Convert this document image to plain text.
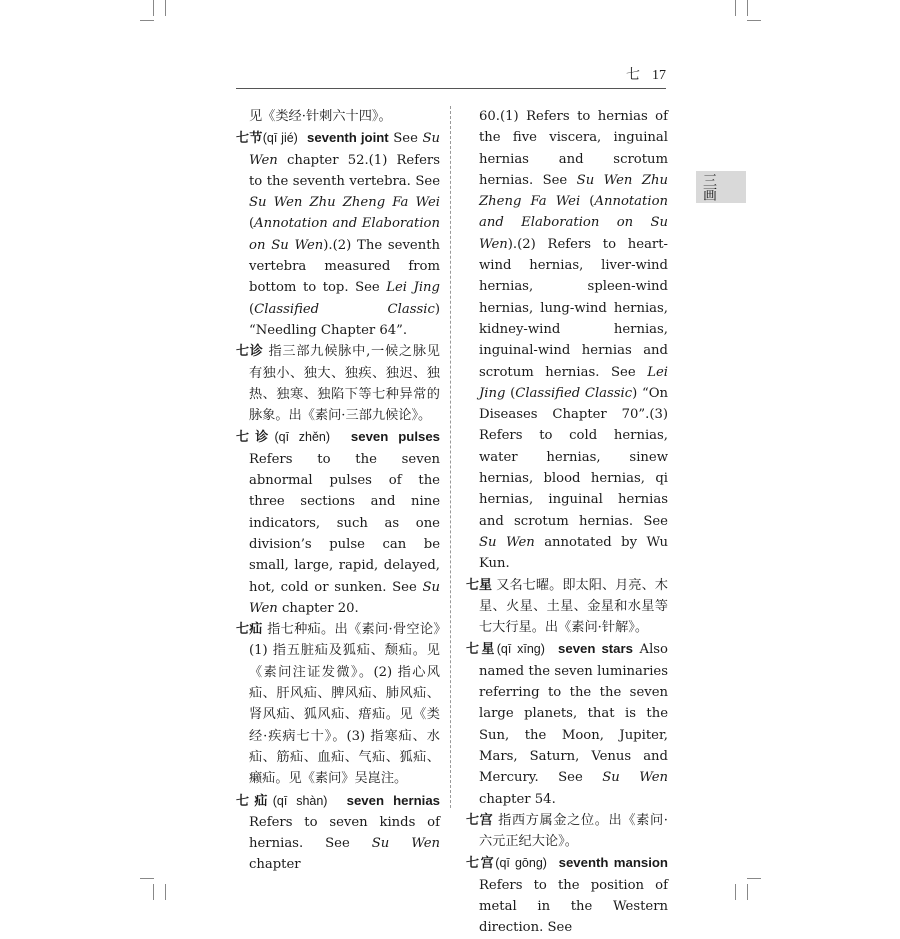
七 17
三画

见《类经·针刺六十四》。

七节(qī jié) seventh joint See Su Wen chapter 52.(1) Refers to the seventh vertebra. See Su Wen Zhu Zheng Fa Wei (Annotation and Elaboration on Su Wen).(2) The seventh vertebra measured from bottom to top. See Lei Jing (Classified Classic) “Needling Chapter 64”.

七诊 指三部九候脉中,一候之脉见有独小、独大、独疾、独迟、独热、独寒、独陷下等七种异常的脉象。出《素问·三部九候论》。

七诊(qī zhěn) seven pulses Refers to the seven abnormal pulses of the three sections and nine indicators, such as one division’s pulse can be small, large, rapid, delayed, hot, cold or sunken. See Su Wen chapter 20.

七疝 指七种疝。出《素问·骨空论》(1) 指五脏疝及狐疝、颓疝。见《素问注证发微》。(2) 指心风疝、肝风疝、脾风疝、肺风疝、肾风疝、狐风疝、瘄疝。见《类经·疾病七十》。(3) 指寒疝、水疝、筋疝、血疝、气疝、狐疝、癞疝。见《素问》吴崑注。

七疝(qī shàn) seven hernias Refers to seven kinds of hernias. See Su Wen chapter

60.(1) Refers to hernias of the five viscera, inguinal hernias and scrotum hernias. See Su Wen Zhu Zheng Fa Wei (Annotation and Elaboration on Su Wen).(2) Refers to heart-wind hernias, liver-wind hernias, spleen-wind hernias, lung-wind hernias, kidney-wind hernias, inguinal-wind hernias and scrotum hernias. See Lei Jing (Classified Classic) “On Diseases Chapter 70”.(3) Refers to cold hernias, water hernias, sinew hernias, blood hernias, qi hernias, inguinal hernias and scrotum hernias. See Su Wen annotated by Wu Kun.

七星 又名七曜。即太阳、月亮、木星、火星、土星、金星和水星等七大行星。出《素问·针解》。

七星(qī xīng) seven stars Also named the seven luminaries referring to the the seven large planets, that is the Sun, the Moon, Jupiter, Mars, Saturn, Venus and Mercury. See Su Wen chapter 54.

七宫 指西方属金之位。出《素问·六元正纪大论》。

七宫(qī gōng) seventh mansion Refers to the position of metal in the Western direction. See
